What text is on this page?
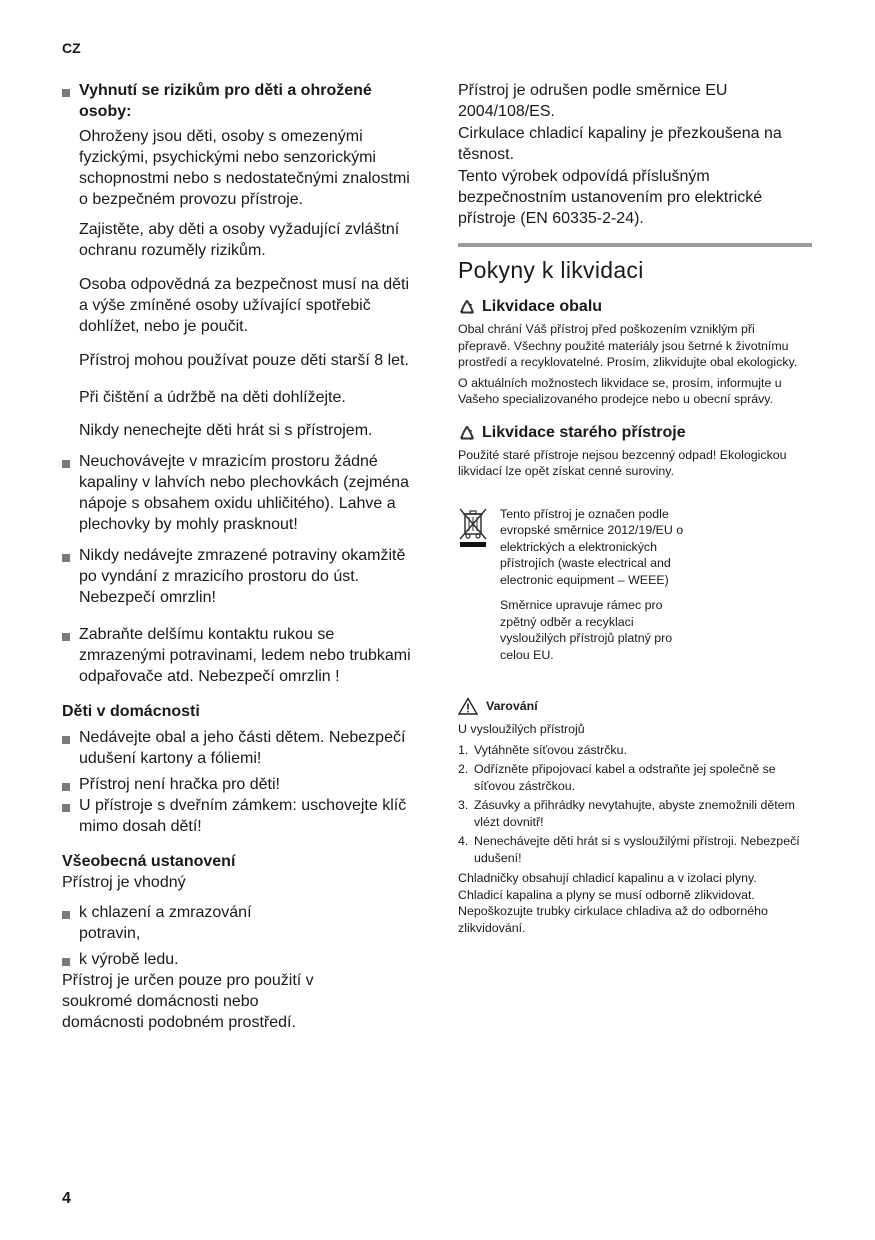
CZ

Vyhnutí se rizikům pro děti a ohrožené osoby:

Ohroženy jsou děti, osoby s omezenými fyzickými, psychickými nebo senzorickými schopnostmi nebo s nedostatečnými znalostmi o bezpečném provozu přístroje.

Zajistěte, aby děti a osoby vyžadující zvláštní ochranu rozuměly rizikům.

Osoba odpovědná za bezpečnost musí na děti a výše zmíněné osoby užívající spotřebič dohlížet, nebo je poučit.

Přístroj mohou používat pouze děti starší 8 let.

Při čištění a údržbě na děti dohlížejte.

Nikdy nenechejte děti hrát si s přístrojem.

Neuchovávejte v mrazicím prostoru žádné kapaliny v lahvích nebo plechovkách (zejména nápoje s obsahem oxidu uhličitého). Lahve a plechovky by mohly prasknout!
Nikdy nedávejte zmrazené potraviny okamžitě po vyndání z mrazicího prostoru do úst. Nebezpečí omrzlin!
Zabraňte delšímu kontaktu rukou se zmrazenými potravinami, ledem nebo trubkami odpařovače atd. Nebezpečí omrzlin !
Děti v domácnosti
Nedávejte obal a jeho části dětem. Nebezpečí udušení kartony a fóliemi!
Přístroj není hračka pro děti!
U přístroje s dveřním zámkem: uschovejte klíč mimo dosah dětí!
Všeobecná ustanovení

Přístroj je vhodný

k chlazení a zmrazování potravin,
k výrobě ledu.

Přístroj je určen pouze pro použití v soukromé domácnosti nebo domácnosti podobném prostředí.

Přístroj je odrušen podle směrnice EU 2004/108/ES.

Cirkulace chladicí kapaliny je přezkoušena na těsnost.

Tento výrobek odpovídá příslušným bezpečnostním ustanovením pro elektrické přístroje (EN 60335-2-24).

Pokyny k likvidaci
Likvidace obalu

Obal chrání Váš přístroj před poškozením vzniklým při přepravě. Všechny použité materiály jsou šetrné k životnímu prostředí a recyklovatelné. Prosím, zlikvidujte obal ekologicky.

O aktuálních možnostech likvidace se, prosím, informujte u Vašeho specializovaného prodejce nebo u obecní správy.

Likvidace starého přístroje

Použité staré přístroje nejsou bezcenný odpad! Ekologickou likvidací lze opět získat cenné suroviny.

Tento přístroj je označen podle evropské směrnice 2012/19/EU o elektrických a elektronických přístrojích (waste electrical and electronic equipment – WEEE)

Směrnice upravuje rámec pro zpětný odběr a recyklaci vysloužilých přístrojů platný pro celou EU.

Varování

U vysloužilých přístrojů

1. Vytáhněte síťovou zástrčku.
2. Odřízněte připojovací kabel a odstraňte jej společně se síťovou zástrčkou.
3. Zásuvky a přihrádky nevytahujte, abyste znemožnili dětem vlézt dovnitř!
4. Nenechávejte děti hrát si s vysloužilými přístroji. Nebezpečí udušení!

Chladničky obsahují chladicí kapalinu a v izolaci plyny. Chladicí kapalina a plyny se musí odborně zlikvidovat. Nepoškozujte trubky cirkulace chladiva až do odborného zlikvidování.

4
